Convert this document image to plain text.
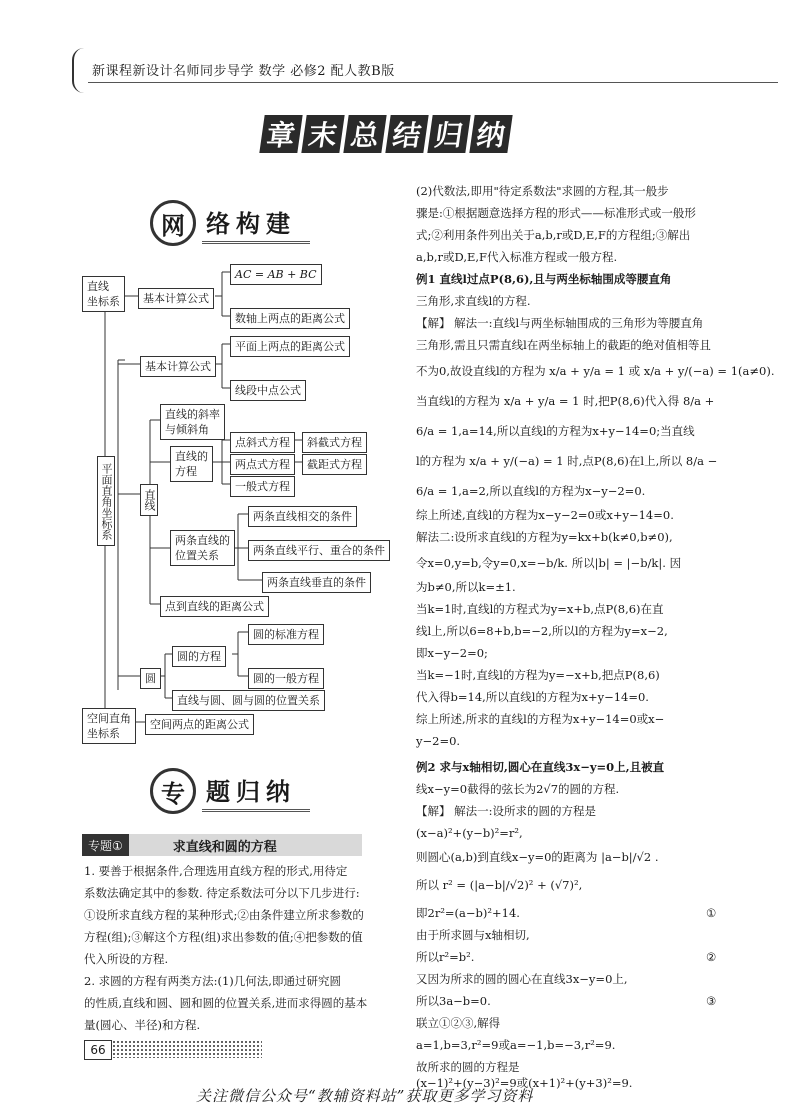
新课程新设计名师同步导学 数学 必修2 配人教B版
章 末 总 结 归 纳
网 络构建
直线
坐标系	基本计算公式
AC = AB + BC
数轴上两点的距离公式
基本计算公式
平面上两点的距离公式
线段中点公式
平面直角坐标系
直线的斜率
与倾斜角
直线的
方程
点斜式方程	斜截式方程
两点式方程	截距式方程
一般式方程
直线
两条直线的
位置关系
两条直线相交的条件
两条直线平行、重合的条件
两条直线垂直的条件
点到直线的距离公式
圆
圆的方程
圆的标准方程
圆的一般方程
直线与圆、圆与圆的位置关系
空间直角
坐标系
空间两点的距离公式
专 题归纳
专题①	求直线和圆的方程
1. 要善于根据条件,合理选用直线方程的形式,用待定
系数法确定其中的参数. 待定系数法可分以下几步进行:
①设所求直线方程的某种形式;②由条件建立所求参数的
方程(组);③解这个方程(组)求出参数的值;④把参数的值
代入所设的方程.
2. 求圆的方程有两类方法:(1)几何法,即通过研究圆
的性质,直线和圆、圆和圆的位置关系,进而求得圆的基本
量(圆心、半径)和方程.
(2)代数法,即用"待定系数法"求圆的方程,其一般步
骤是:①根据题意选择方程的形式——标准形式或一般形
式;②利用条件列出关于a,b,r或D,E,F的方程组;③解出
a,b,r或D,E,F代入标准方程或一般方程.
例1 直线l过点P(8,6),且与两坐标轴围成等腰直角
三角形,求直线l的方程.
【解】 解法一:直线l与两坐标轴围成的三角形为等腰直角
三角形,需且只需直线l在两坐标轴上的截距的绝对值相等且
不为0,故设直线l的方程为 x/a + y/a = 1 或 x/a + y/(−a) = 1(a≠0).
当直线l的方程为 x/a + y/a = 1 时,把P(8,6)代入得 8/a +
6/a = 1,a=14,所以直线l的方程为x+y−14=0;当直线
l的方程为 x/a + y/(−a) = 1 时,点P(8,6)在l上,所以 8/a −
6/a = 1,a=2,所以直线l的方程为x−y−2=0.
综上所述,直线l的方程为x−y−2=0或x+y−14=0.
解法二:设所求直线l的方程为y=kx+b(k≠0,b≠0),
令x=0,y=b,令y=0,x=−b/k. 所以|b| = |−b/k|. 因
为b≠0,所以k=±1.
当k=1时,直线l的方程式为y=x+b,点P(8,6)在直
线l上,所以6=8+b,b=−2,所以l的方程为y=x−2,
即x−y−2=0;
当k=−1时,直线l的方程为y=−x+b,把点P(8,6)
代入得b=14,所以直线l的方程为x+y−14=0.
综上所述,所求的直线l的方程为x+y−14=0或x−
y−2=0.
例2 求与x轴相切,圆心在直线3x−y=0上,且被直
线x−y=0截得的弦长为2√7的圆的方程.
【解】 解法一:设所求的圆的方程是
(x−a)²+(y−b)²=r²,
则圆心(a,b)到直线x−y=0的距离为 |a−b|/√2 .
所以 r² = (|a−b|/√2)² + (√7)²,
即2r²=(a−b)²+14.
由于所求圆与x轴相切,
所以r²=b².
又因为所求的圆的圆心在直线3x−y=0上,
所以3a−b=0.
联立①②③,解得
a=1,b=3,r²=9或a=−1,b=−3,r²=9.
故所求的圆的方程是
(x−1)²+(y−3)²=9或(x+1)²+(y+3)²=9.
①
②
③
66
关注微信公众号“教辅资料站”获取更多学习资料
